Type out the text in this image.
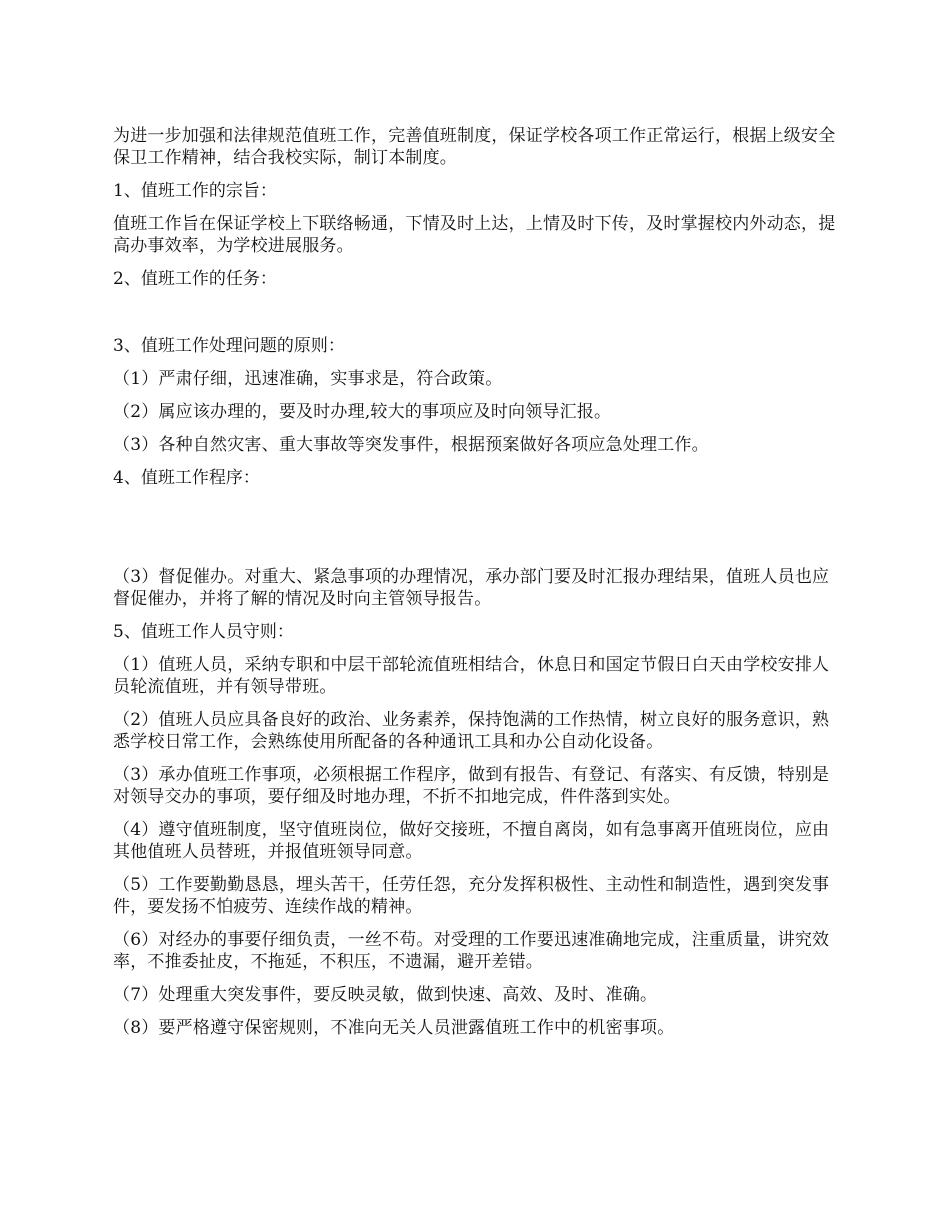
为进一步加强和法律规范值班工作，完善值班制度，保证学校各项工作正常运行，根据上级安全保卫工作精神，结合我校实际，制订本制度。

1、值班工作的宗旨：

值班工作旨在保证学校上下联络畅通，下情及时上达，上情及时下传，及时掌握校内外动态，提高办事效率，为学校进展服务。

2、值班工作的任务：

3、值班工作处理问题的原则：

（1）严肃仔细，迅速准确，实事求是，符合政策。

（2）属应该办理的，要及时办理,较大的事项应及时向领导汇报。

（3）各种自然灾害、重大事故等突发事件，根据预案做好各项应急处理工作。

4、值班工作程序：

（3）督促催办。对重大、紧急事项的办理情况，承办部门要及时汇报办理结果，值班人员也应督促催办，并将了解的情况及时向主管领导报告。

5、值班工作人员守则：

（1）值班人员，采纳专职和中层干部轮流值班相结合，休息日和国定节假日白天由学校安排人员轮流值班，并有领导带班。

（2）值班人员应具备良好的政治、业务素养，保持饱满的工作热情，树立良好的服务意识，熟悉学校日常工作，会熟练使用所配备的各种通讯工具和办公自动化设备。

（3）承办值班工作事项，必须根据工作程序，做到有报告、有登记、有落实、有反馈，特别是对领导交办的事项，要仔细及时地办理，不折不扣地完成，件件落到实处。

（4）遵守值班制度，坚守值班岗位，做好交接班，不擅自离岗，如有急事离开值班岗位，应由其他值班人员替班，并报值班领导同意。

（5）工作要勤勤恳恳，埋头苦干，任劳任怨，充分发挥积极性、主动性和制造性，遇到突发事件，要发扬不怕疲劳、连续作战的精神。

（6）对经办的事要仔细负责，一丝不苟。对受理的工作要迅速准确地完成，注重质量，讲究效率，不推委扯皮，不拖延，不积压，不遗漏，避开差错。

（7）处理重大突发事件，要反映灵敏，做到快速、高效、及时、准确。

（8）要严格遵守保密规则，不准向无关人员泄露值班工作中的机密事项。
